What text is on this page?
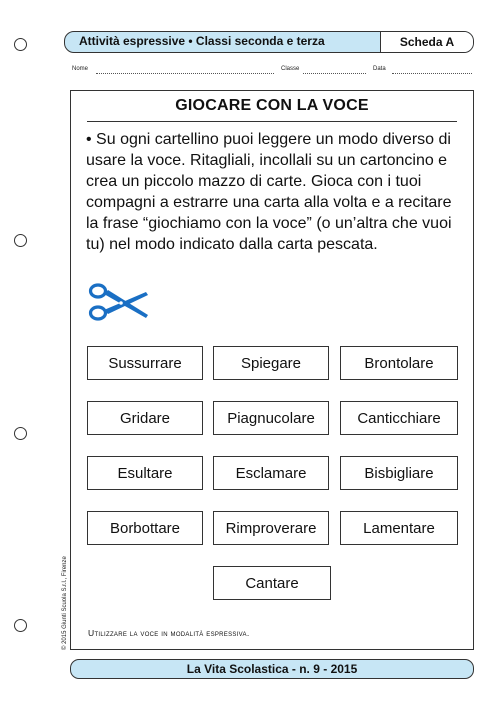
Attività espressive • Classi seconda e terza	Scheda A
Nome	Classe	Data
GIOCARE CON LA VOCE
• Su ogni cartellino puoi leggere un modo diverso di usare la voce. Ritagliali, incollali su un cartoncino e crea un piccolo mazzo di carte. Gioca con i tuoi compagni a estrarre una carta alla volta e a recitare la frase “giochiamo con la voce” (o un’altra che vuoi tu) nel modo indicato dalla carta pescata.
Sussurrare	Spiegare	Brontolare
Gridare	Piagnucolare	Canticchiare
Esultare	Esclamare	Bisbigliare
Borbottare	Rimproverare	Lamentare
Cantare
Utilizzare la voce in modalità espressiva.
© 2015 Giunti Scuola S.r.l., Firenze
La Vita Scolastica - n. 9 - 2015
